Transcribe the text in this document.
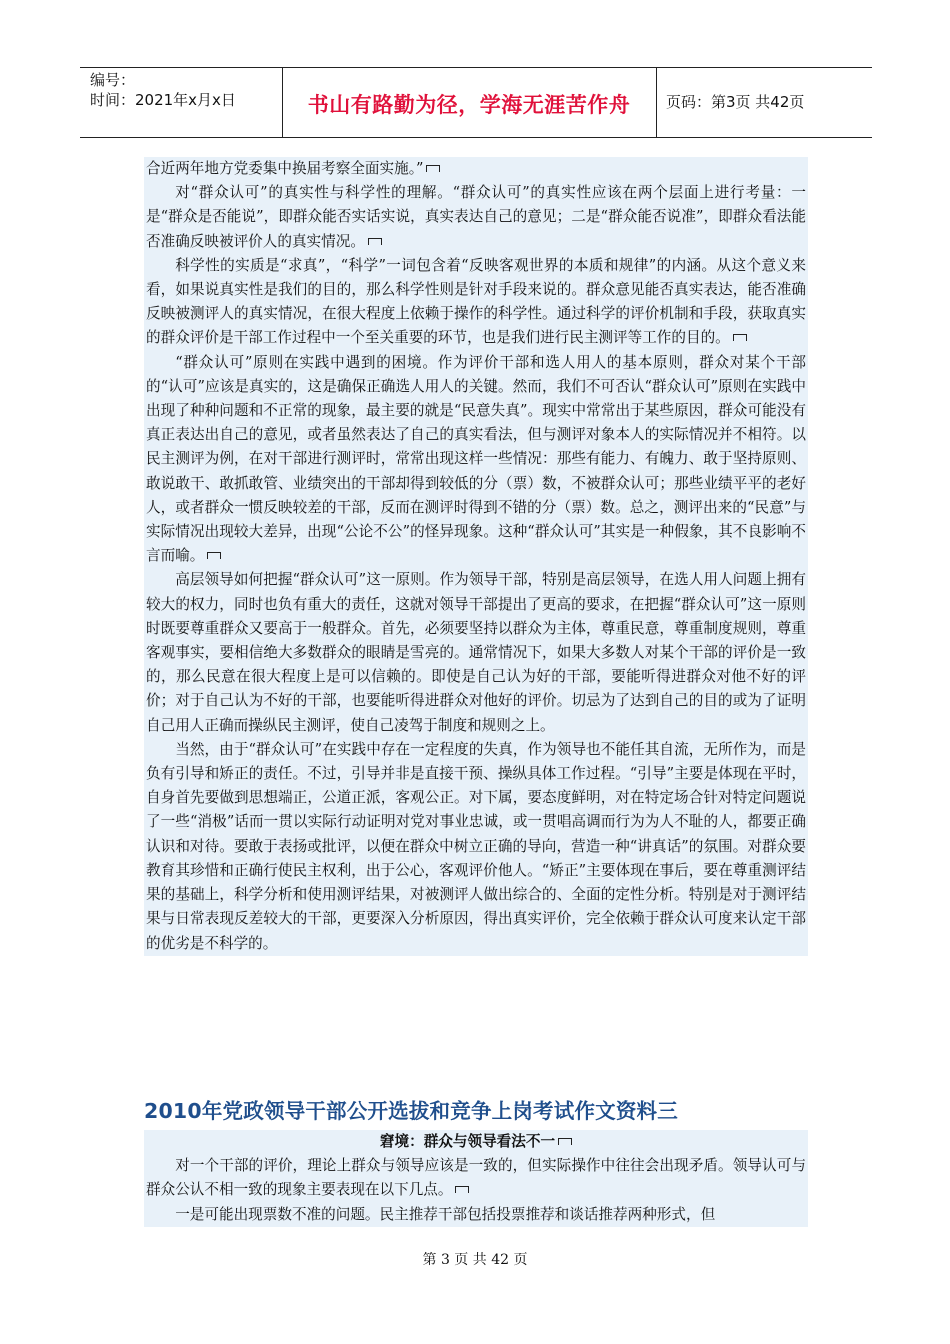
编号：
时间：2021年x月x日	书山有路勤为径，学海无涯苦作舟	页码：第3页 共42页

合近两年地方党委集中换届考察全面实施。”

对“群众认可”的真实性与科学性的理解。“群众认可”的真实性应该在两个层面上进行考量：一是“群众是否能说”，即群众能否实话实说，真实表达自己的意见；二是“群众能否说准”，即群众看法能否准确反映被评价人的真实情况。

科学性的实质是“求真”，“科学”一词包含着“反映客观世界的本质和规律”的内涵。从这个意义来看，如果说真实性是我们的目的，那么科学性则是针对手段来说的。群众意见能否真实表达，能否准确反映被测评人的真实情况，在很大程度上依赖于操作的科学性。通过科学的评价机制和手段，获取真实的群众评价是干部工作过程中一个至关重要的环节，也是我们进行民主测评等工作的目的。

“群众认可”原则在实践中遇到的困境。作为评价干部和选人用人的基本原则，群众对某个干部的“认可”应该是真实的，这是确保正确选人用人的关键。然而，我们不可否认“群众认可”原则在实践中出现了种种问题和不正常的现象，最主要的就是“民意失真”。现实中常常出于某些原因，群众可能没有真正表达出自己的意见，或者虽然表达了自己的真实看法，但与测评对象本人的实际情况并不相符。以民主测评为例，在对干部进行测评时，常常出现这样一些情况：那些有能力、有魄力、敢于坚持原则、敢说敢干、敢抓敢管、业绩突出的干部却得到较低的分（票）数，不被群众认可；那些业绩平平的老好人，或者群众一惯反映较差的干部，反而在测评时得到不错的分（票）数。总之，测评出来的“民意”与实际情况出现较大差异，出现“公论不公”的怪异现象。这种“群众认可”其实是一种假象，其不良影响不言而喻。

高层领导如何把握“群众认可”这一原则。作为领导干部，特别是高层领导，在选人用人问题上拥有较大的权力，同时也负有重大的责任，这就对领导干部提出了更高的要求，在把握“群众认可”这一原则时既要尊重群众又要高于一般群众。首先，必须要坚持以群众为主体，尊重民意，尊重制度规则，尊重客观事实，要相信绝大多数群众的眼睛是雪亮的。通常情况下，如果大多数人对某个干部的评价是一致的，那么民意在很大程度上是可以信赖的。即使是自己认为好的干部，要能听得进群众对他不好的评价；对于自己认为不好的干部，也要能听得进群众对他好的评价。切忌为了达到自己的目的或为了证明自己用人正确而操纵民主测评，使自己凌驾于制度和规则之上。

当然，由于“群众认可”在实践中存在一定程度的失真，作为领导也不能任其自流，无所作为，而是负有引导和矫正的责任。不过，引导并非是直接干预、操纵具体工作过程。“引导”主要是体现在平时，自身首先要做到思想端正，公道正派，客观公正。对下属，要态度鲜明，对在特定场合针对特定问题说了一些“消极”话而一贯以实际行动证明对党对事业忠诚，或一贯唱高调而行为为人不耻的人，都要正确认识和对待。要敢于表扬或批评，以便在群众中树立正确的导向，营造一种“讲真话”的氛围。对群众要教育其珍惜和正确行使民主权利，出于公心，客观评价他人。“矫正”主要体现在事后，要在尊重测评结果的基础上，科学分析和使用测评结果，对被测评人做出综合的、全面的定性分析。特别是对于测评结果与日常表现反差较大的干部，更要深入分析原因，得出真实评价，完全依赖于群众认可度来认定干部的优劣是不科学的。

2010年党政领导干部公开选拔和竞争上岗考试作文资料三

窘境：群众与领导看法不一

对一个干部的评价，理论上群众与领导应该是一致的，但实际操作中往往会出现矛盾。领导认可与群众公认不相一致的现象主要表现在以下几点。

一是可能出现票数不准的问题。民主推荐干部包括投票推荐和谈话推荐两种形式，但

第 3 页 共 42 页
